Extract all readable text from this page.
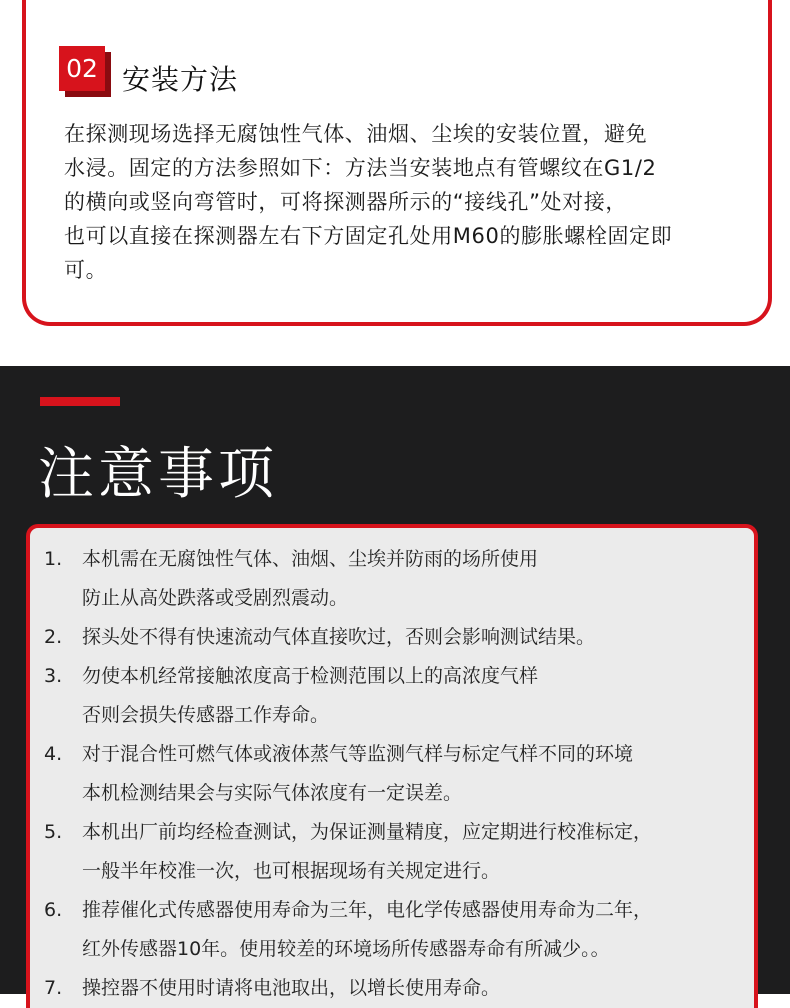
02 安装方法

在探测现场选择无腐蚀性气体、油烟、尘埃的安装位置，避免

水浸。固定的方法参照如下：方法当安装地点有管螺纹在G1/2

的横向或竖向弯管时，可将探测器所示的“接线孔”处对接，

也可以直接在探测器左右下方固定孔处用M60的膨胀螺栓固定即

可。

注意事项
1.	本机需在无腐蚀性气体、油烟、尘埃并防雨的场所使用
防止从高处跌落或受剧烈震动。
2.	探头处不得有快速流动气体直接吹过，否则会影响测试结果。
3.	勿使本机经常接触浓度高于检测范围以上的高浓度气样
否则会损失传感器工作寿命。
4.	对于混合性可燃气体或液体蒸气等监测气样与标定气样不同的环境
本机检测结果会与实际气体浓度有一定误差。
5.	本机出厂前均经检查测试，为保证测量精度，应定期进行校准标定，
一般半年校准一次，也可根据现场有关规定进行。
6.	推荐催化式传感器使用寿命为三年，电化学传感器使用寿命为二年，
红外传感器10年。使用较差的环境场所传感器寿命有所减少。。
7.	操控器不使用时请将电池取出，以增长使用寿命。
